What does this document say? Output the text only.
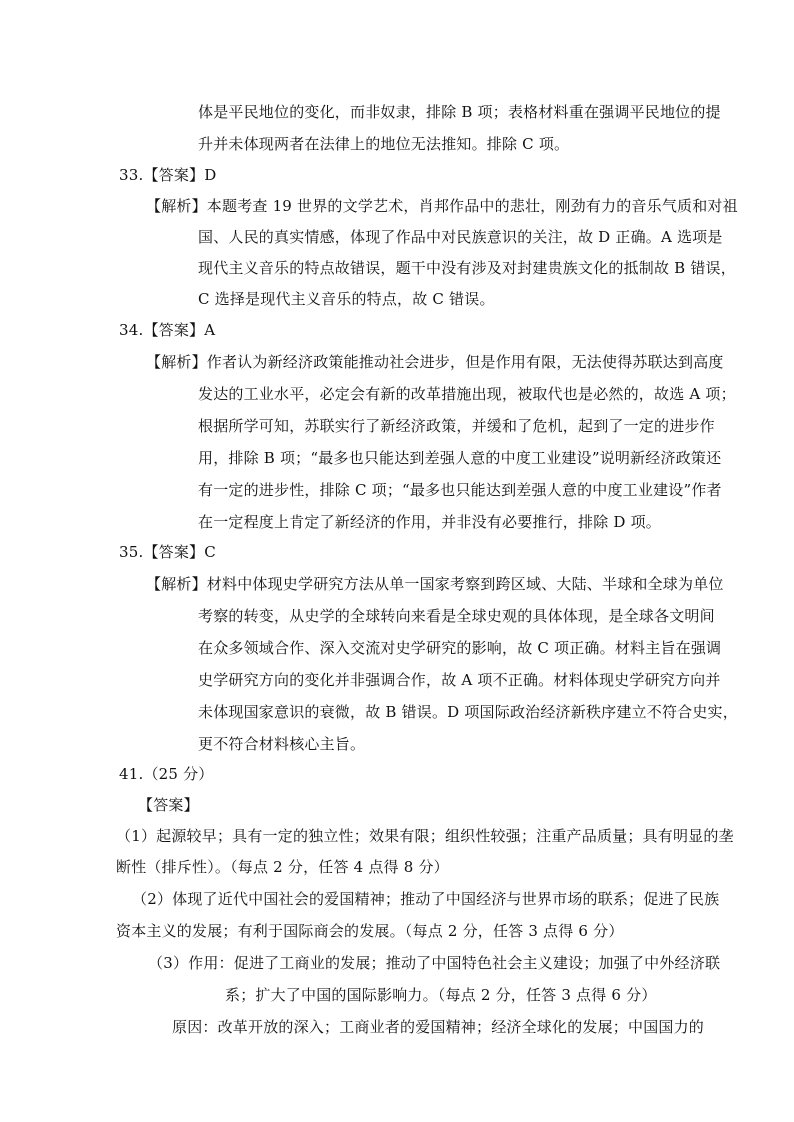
体是平民地位的变化，而非奴隶，排除 B 项；表格材料重在强调平民地位的提
升并未体现两者在法律上的地位无法推知。排除 C 项。
33.【答案】D
【解析】本题考查 19 世界的文学艺术，肖邦作品中的悲壮，刚劲有力的音乐气质和对祖
国、人民的真实情感，体现了作品中对民族意识的关注，故 D 正确。A 选项是
现代主义音乐的特点故错误，题干中没有涉及对封建贵族文化的抵制故 B 错误，
C 选择是现代主义音乐的特点，故 C 错误。
34.【答案】A
【解析】作者认为新经济政策能推动社会进步，但是作用有限，无法使得苏联达到高度
发达的工业水平，必定会有新的改革措施出现，被取代也是必然的，故选 A 项；
根据所学可知，苏联实行了新经济政策，并缓和了危机，起到了一定的进步作
用，排除 B 项；“最多也只能达到差强人意的中度工业建设”说明新经济政策还
有一定的进步性，排除 C 项；“最多也只能达到差强人意的中度工业建设”作者
在一定程度上肯定了新经济的作用，并非没有必要推行，排除 D 项。
35.【答案】C
【解析】材料中体现史学研究方法从单一国家考察到跨区域、大陆、半球和全球为单位
考察的转变，从史学的全球转向来看是全球史观的具体体现，是全球各文明间
在众多领域合作、深入交流对史学研究的影响，故 C 项正确。材料主旨在强调
史学研究方向的变化并非强调合作，故 A 项不正确。材料体现史学研究方向并
未体现国家意识的衰微，故 B 错误。D 项国际政治经济新秩序建立不符合史实，
更不符合材料核心主旨。
41.（25 分）
【答案】
（1）起源较早；具有一定的独立性；效果有限；组织性较强；注重产品质量；具有明显的垄
断性（排斥性）。（每点 2 分，任答 4 点得 8 分）
（2）体现了近代中国社会的爱国精神；推动了中国经济与世界市场的联系；促进了民族
资本主义的发展；有利于国际商会的发展。（每点 2 分，任答 3 点得 6 分）
（3）作用：促进了工商业的发展；推动了中国特色社会主义建设；加强了中外经济联
系；扩大了中国的国际影响力。（每点 2 分，任答 3 点得 6 分）
原因：改革开放的深入；工商业者的爱国精神；经济全球化的发展；中国国力的
